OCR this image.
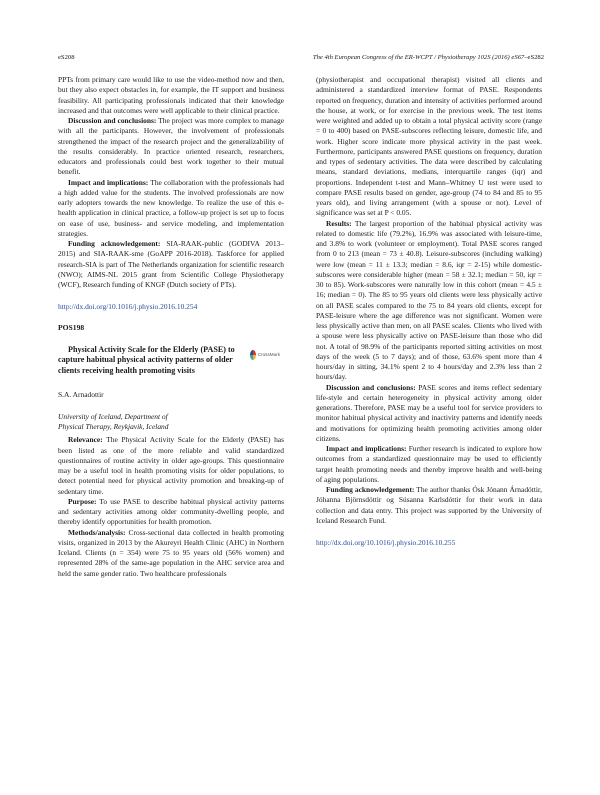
eS208	The 4th European Congress of the ER-WCPT / Physiotherapy 102S (2016) eS67–eS282

PPTs from primary care would like to use the video-method now and then, but they also expect obstacles in, for example, the IT support and business feasibility. All participating professionals indicated that their knowledge increased and that outcomes were well applicable to their clinical practice.

Discussion and conclusions: The project was more complex to manage with all the participants. However, the involvement of professionals strengthened the impact of the research project and the generalizability of the results considerably. In practice oriented research, researchers, educators and professionals could best work together to their mutual benefit.

Impact and implications: The collaboration with the professionals had a high added value for the students. The involved professionals are now early adopters towards the new knowledge. To realize the use of this e-health application in clinical practice, a follow-up project is set up to focus on ease of use, business- and service modeling, and implementation strategies.

Funding acknowledgement: SIA-RAAK-public (GODIVA 2013–2015) and SIA-RAAK-sme (GoAPP 2016-2018). Taskforce for applied research-SIA is part of The Netherlands organization for scientific research (NWO); AIMS-NL 2015 grant from Scientific College Physiotherapy (WCF), Research funding of KNGF (Dutch society of PTs).

http://dx.doi.org/10.1016/j.physio.2016.10.254

POS198

Physical Activity Scale for the Elderly (PASE) to capture habitual physical activity patterns of older clients receiving health promoting visits

CrossMark

S.A. Arnadottir

University of Iceland, Department of
Physical Therapy, Reykjavik, Iceland

Relevance: The Physical Activity Scale for the Elderly (PASE) has been listed as one of the more reliable and valid standardized questionnaires of routine activity in older age-groups. This questionnaire may be a useful tool in health promoting visits for older populations, to detect potential need for physical activity promotion and breaking-up of sedentary time.

Purpose: To use PASE to describe habitual physical activity patterns and sedentary activities among older community-dwelling people, and thereby identify opportunities for health promotion.

Methods/analysis: Cross-sectional data collected in health promoting visits, organized in 2013 by the Akureyri Health Clinic (AHC) in Northern Iceland. Clients (n = 354) were 75 to 95 years old (56% women) and represented 28% of the same-age population in the AHC service area and held the same gender ratio. Two healthcare professionals

(physiotherapist and occupational therapist) visited all clients and administered a standardized interview format of PASE. Respondents reported on frequency, duration and intensity of activities performed around the house, at work, or for exercise in the previous week. The test items were weighted and added up to obtain a total physical activity score (range = 0 to 400) based on PASE-subscores reflecting leisure, domestic life, and work. Higher score indicate more physical activity in the past week. Furthermore, participants answered PASE questions on frequency, duration and types of sedentary activities. The data were described by calculating means, standard deviations, medians, interquartile ranges (iqr) and proportions. Independent t-test and Mann–Whitney U test were used to compare PASE results based on gender, age-group (74 to 84 and 85 to 95 years old), and living arrangement (with a spouse or not). Level of significance was set at P < 0.05.

Results: The largest proportion of the habitual physical activity was related to domestic life (79.2%), 16.9% was associated with leisure-time, and 3.8% to work (volunteer or employment). Total PASE scores ranged from 0 to 213 (mean = 73 ± 40.8). Leisure-subscores (including walking) were low (mean = 11 ± 13.3; median = 8.6, iqr = 2-15) while domestic-subscores were considerable higher (mean = 58 ± 32.1; median = 50, iqr = 30 to 85). Work-subscores were naturally low in this cohort (mean = 4.5 ± 16; median = 0). The 85 to 95 years old clients were less physically active on all PASE scales compared to the 75 to 84 years old clients, except for PASE-leisure where the age difference was not significant. Women were less physically active than men, on all PASE scales. Clients who lived with a spouse were less physically active on PASE-leisure than those who did not. A total of 98.9% of the participants reported sitting activities on most days of the week (5 to 7 days); and of those, 63.6% spent more than 4 hours/day in sitting, 34.1% spent 2 to 4 hours/day and 2.3% less than 2 hours/day.

Discussion and conclusions: PASE scores and items reflect sedentary life-style and certain heterogeneity in physical activity among older generations. Therefore, PASE may be a useful tool for service providers to monitor habitual physical activity and inactivity patterns and identify needs and motivations for optimizing health promoting activities among older citizens.

Impact and implications: Further research is indicated to explore how outcomes from a standardized questionnaire may be used to efficiently target health promoting needs and thereby improve health and well-being of aging populations.

Funding acknowledgement: The author thanks Ósk Jónann Árnadóttir, Jóhanna Björnsdóttir og Súsanna Karlsdóttir for their work in data collection and data entry. This project was supported by the University of Iceland Research Fund.

http://dx.doi.org/10.1016/j.physio.2016.10.255
